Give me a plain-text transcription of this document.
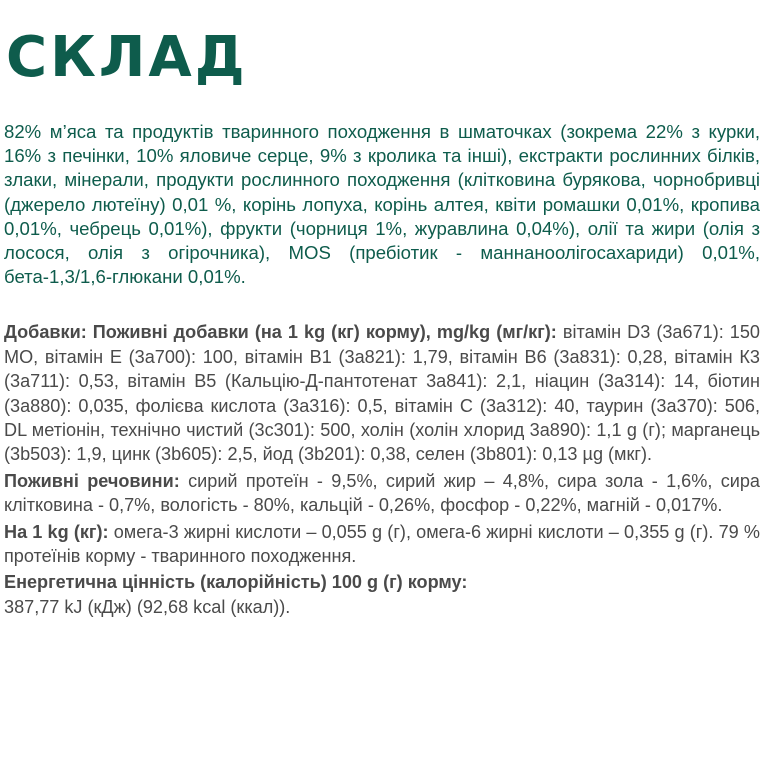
СКЛАД

82% м’яса та продуктів тваринного походження в шматочках (зокрема 22% з курки, 16% з печінки, 10% яловиче серце, 9% з кролика та інші), екстракти рослинних білків, злаки, мінерали, продукти рослинного походження (клітковина бурякова, чорнобривці (джерело лютеїну) 0,01 %, корінь лопуха, корінь алтея, квіти ромашки 0,01%, кропива 0,01%, чебрець 0,01%), фрукти (чорниця 1%, журавлина 0,04%), олії та жири (олія з лосося, олія з огірочника), MOS (пребіотик - маннаноолігосахариди) 0,01%, бета-1,3/1,6-глюкани 0,01%.

Добавки: Поживні добавки (на 1 kg (кг) корму), mg/kg (мг/кг): вітамін D3 (3а671): 150 МО, вітамін Е (3а700): 100, вітамін В1 (3а821): 1,79, вітамін В6 (3а831): 0,28, вітамін К3 (3а711): 0,53, вітамін В5 (Кальцію-Д-пантотенат 3а841): 2,1, ніацин (3а314): 14, біотин (3а880): 0,035, фолієва кислота (3а316): 0,5, вітамін С (3а312): 40, таурин (3а370): 506, DL метіонін, технічно чистий (3с301): 500, холін (холін хлорид 3а890): 1,1 g (г); марганець (3b503): 1,9, цинк (3b605): 2,5, йод (3b201): 0,38, селен (3b801): 0,13 µg (мкг).

Поживні речовини: сирий протеїн - 9,5%, сирий жир – 4,8%, сира зола - 1,6%, сира клітковина - 0,7%, вологість - 80%, кальцій - 0,26%, фосфор - 0,22%, магній - 0,017%.

На 1 kg (кг): омега-3 жирні кислоти – 0,055 g (г), омега-6 жирні кислоти – 0,355 g (г). 79 % протеїнів корму - тваринного походження.

Енергетична цінність (калорійність) 100 g (г) корму:
387,77 kJ (кДж) (92,68 kcal (ккал)).
